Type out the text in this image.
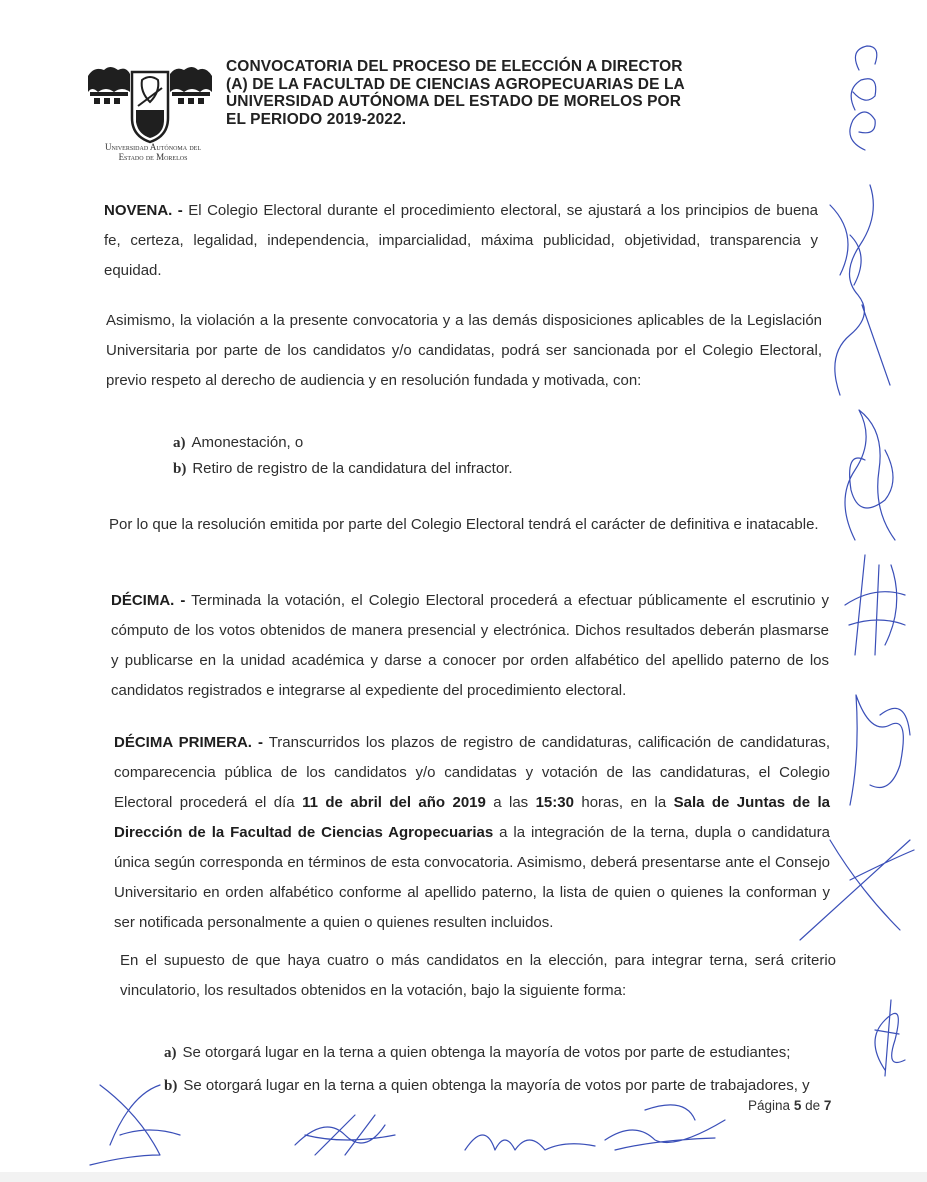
Universidad Autónoma del
Estado de Morelos
CONVOCATORIA DEL PROCESO DE ELECCIÓN A DIRECTOR (A) DE LA FACULTAD DE CIENCIAS AGROPECUARIAS DE LA UNIVERSIDAD AUTÓNOMA DEL ESTADO DE MORELOS POR EL PERIODO 2019-2022.
NOVENA. - El Colegio Electoral durante el procedimiento electoral, se ajustará a los principios de buena fe, certeza, legalidad, independencia, imparcialidad, máxima publicidad, objetividad, transparencia y equidad.
Asimismo, la violación a la presente convocatoria y a las demás disposiciones aplicables de la Legislación Universitaria por parte de los candidatos y/o candidatas, podrá ser sancionada por el Colegio Electoral, previo respeto al derecho de audiencia y en resolución fundada y motivada, con:
a) Amonestación, o
b) Retiro de registro de la candidatura del infractor.
Por lo que la resolución emitida por parte del Colegio Electoral tendrá el carácter de definitiva e inatacable.
DÉCIMA. - Terminada la votación, el Colegio Electoral procederá a efectuar públicamente el escrutinio y cómputo de los votos obtenidos de manera presencial y electrónica. Dichos resultados deberán plasmarse y publicarse en la unidad académica y darse a conocer por orden alfabético del apellido paterno de los candidatos registrados e integrarse al expediente del procedimiento electoral.
DÉCIMA PRIMERA. - Transcurridos los plazos de registro de candidaturas, calificación de candidaturas, comparecencia pública de los candidatos y/o candidatas y votación de las candidaturas, el Colegio Electoral procederá el día 11 de abril del año 2019 a las 15:30 horas, en la Sala de Juntas de la Dirección de la Facultad de Ciencias Agropecuarias a la integración de la terna, dupla o candidatura única según corresponda en términos de esta convocatoria. Asimismo, deberá presentarse ante el Consejo Universitario en orden alfabético conforme al apellido paterno, la lista de quien o quienes la conforman y ser notificada personalmente a quien o quienes resulten incluidos.
En el supuesto de que haya cuatro o más candidatos en la elección, para integrar terna, será criterio vinculatorio, los resultados obtenidos en la votación, bajo la siguiente forma:
a) Se otorgará lugar en la terna a quien obtenga la mayoría de votos por parte de estudiantes;
b) Se otorgará lugar en la terna a quien obtenga la mayoría de votos por parte de trabajadores, y
Página 5 de 7
